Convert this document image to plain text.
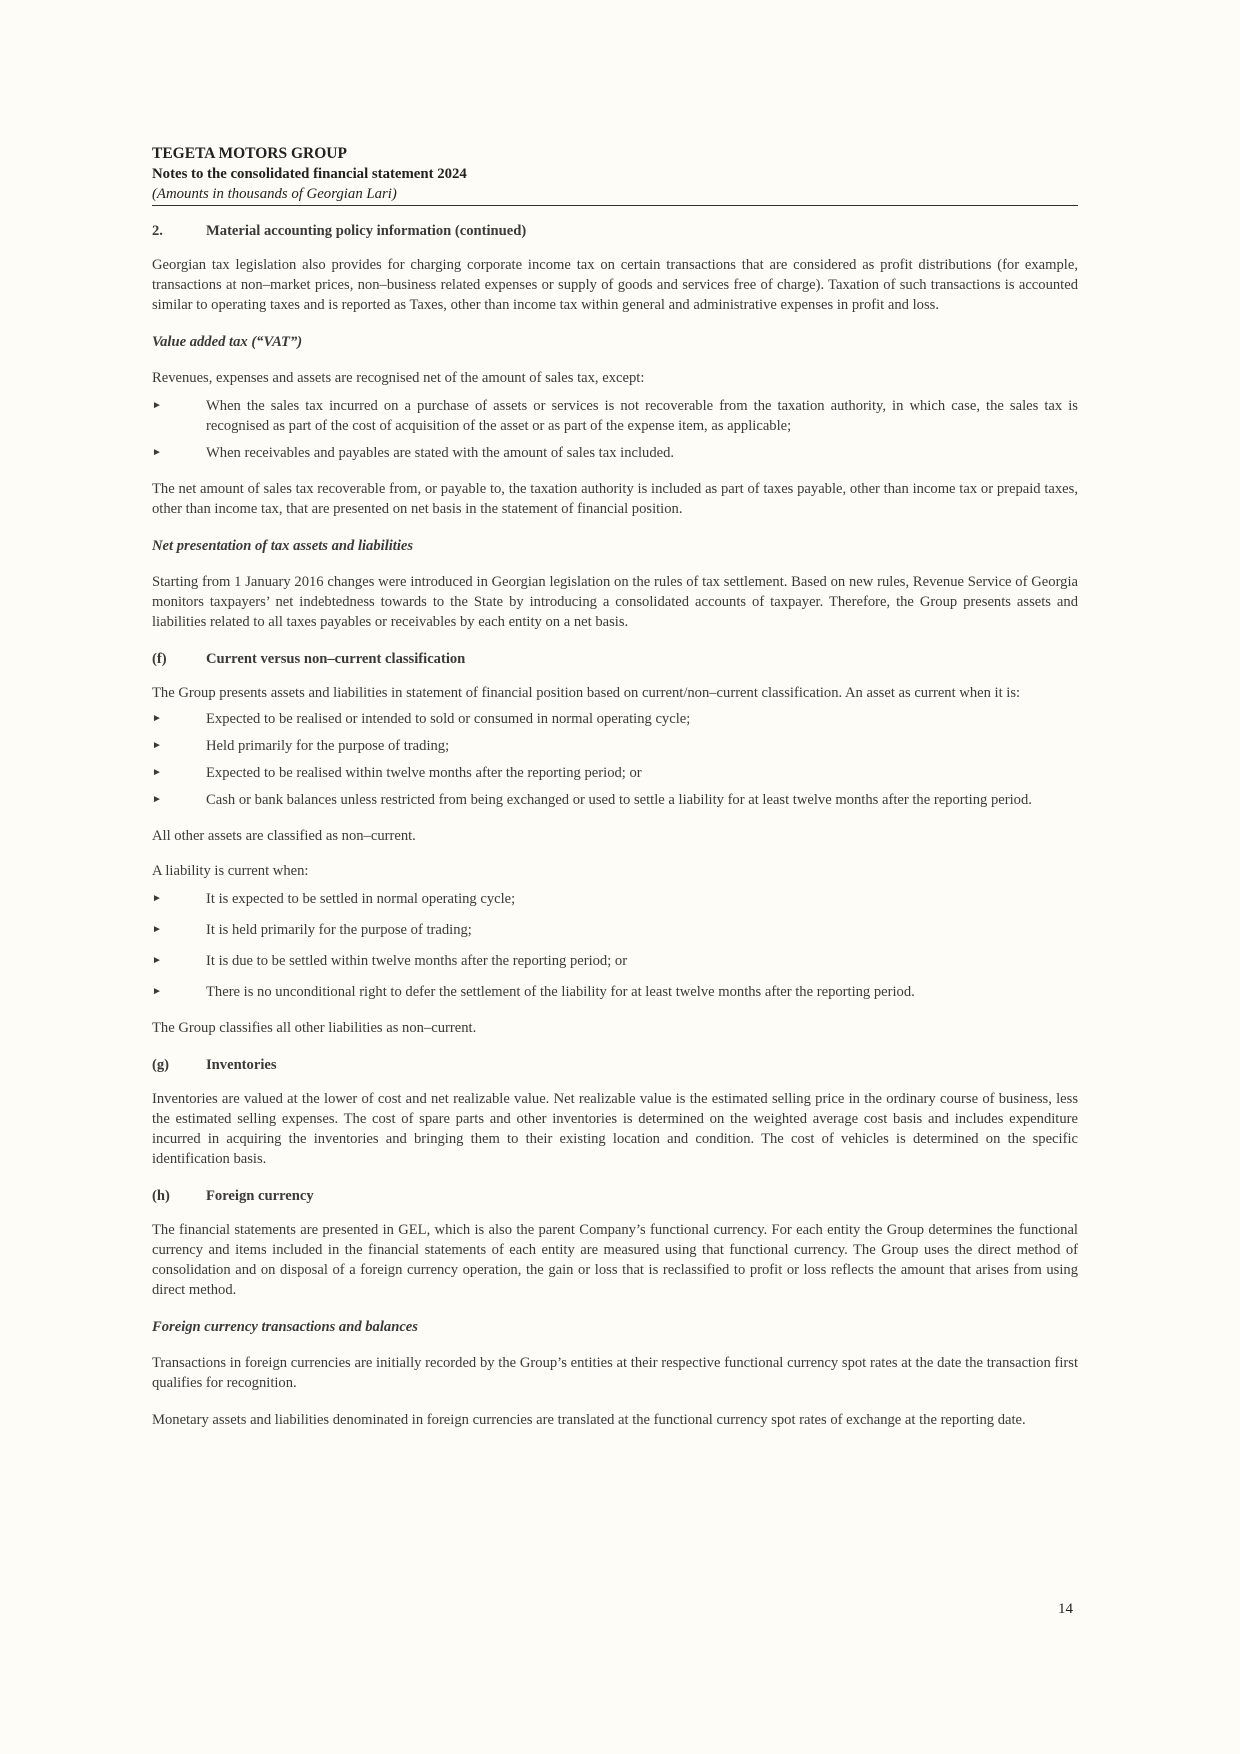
TEGETA MOTORS GROUP
Notes to the consolidated financial statement 2024
(Amounts in thousands of Georgian Lari)
2.	Material accounting policy information (continued)

Georgian tax legislation also provides for charging corporate income tax on certain transactions that are considered as profit distributions (for example, transactions at non–market prices, non–business related expenses or supply of goods and services free of charge). Taxation of such transactions is accounted similar to operating taxes and is reported as Taxes, other than income tax within general and administrative expenses in profit and loss.

Value added tax (“VAT”)

Revenues, expenses and assets are recognised net of the amount of sales tax, except:

►	When the sales tax incurred on a purchase of assets or services is not recoverable from the taxation authority, in which case, the sales tax is recognised as part of the cost of acquisition of the asset or as part of the expense item, as applicable;
►	When receivables and payables are stated with the amount of sales tax included.

The net amount of sales tax recoverable from, or payable to, the taxation authority is included as part of taxes payable, other than income tax or prepaid taxes, other than income tax, that are presented on net basis in the statement of financial position.

Net presentation of tax assets and liabilities

Starting from 1 January 2016 changes were introduced in Georgian legislation on the rules of tax settlement. Based on new rules, Revenue Service of Georgia monitors taxpayers’ net indebtedness towards to the State by introducing a consolidated accounts of taxpayer. Therefore, the Group presents assets and liabilities related to all taxes payables or receivables by each entity on a net basis.

(f)	Current versus non–current classification

The Group presents assets and liabilities in statement of financial position based on current/non–current classification. An asset as current when it is:

►	Expected to be realised or intended to sold or consumed in normal operating cycle;
►	Held primarily for the purpose of trading;
►	Expected to be realised within twelve months after the reporting period; or
►	Cash or bank balances unless restricted from being exchanged or used to settle a liability for at least twelve months after the reporting period.

All other assets are classified as non–current.

A liability is current when:

►	It is expected to be settled in normal operating cycle;
►	It is held primarily for the purpose of trading;
►	It is due to be settled within twelve months after the reporting period; or
►	There is no unconditional right to defer the settlement of the liability for at least twelve months after the reporting period.

The Group classifies all other liabilities as non–current.

(g)	Inventories

Inventories are valued at the lower of cost and net realizable value. Net realizable value is the estimated selling price in the ordinary course of business, less the estimated selling expenses. The cost of spare parts and other inventories is determined on the weighted average cost basis and includes expenditure incurred in acquiring the inventories and bringing them to their existing location and condition. The cost of vehicles is determined on the specific identification basis.

(h)	Foreign currency

The financial statements are presented in GEL, which is also the parent Company’s functional currency. For each entity the Group determines the functional currency and items included in the financial statements of each entity are measured using that functional currency. The Group uses the direct method of consolidation and on disposal of a foreign currency operation, the gain or loss that is reclassified to profit or loss reflects the amount that arises from using direct method.

Foreign currency transactions and balances

Transactions in foreign currencies are initially recorded by the Group’s entities at their respective functional currency spot rates at the date the transaction first qualifies for recognition.

Monetary assets and liabilities denominated in foreign currencies are translated at the functional currency spot rates of exchange at the reporting date.

14
